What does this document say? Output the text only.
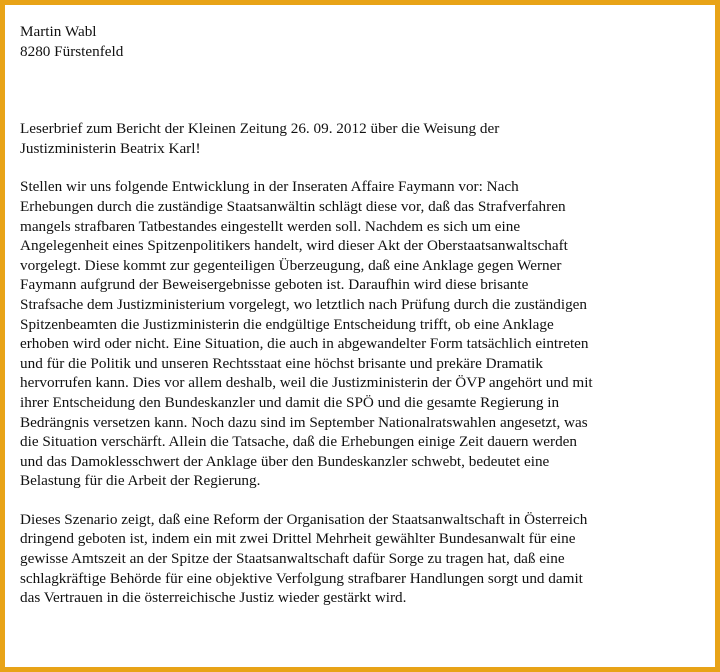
Martin Wabl
8280 Fürstenfeld
Leserbrief zum Bericht der Kleinen Zeitung 26. 09. 2012 über die Weisung der
Justizministerin Beatrix Karl!
Stellen wir uns folgende Entwicklung in der Inseraten Affaire Faymann vor: Nach
Erhebungen durch die zuständige Staatsanwältin schlägt diese vor, daß das Strafverfahren
mangels strafbaren Tatbestandes eingestellt werden soll. Nachdem es sich um eine
Angelegenheit eines Spitzenpolitikers handelt, wird dieser Akt der Oberstaatsanwaltschaft
vorgelegt. Diese kommt zur gegenteiligen Überzeugung, daß eine Anklage gegen Werner
Faymann aufgrund der Beweisergebnisse geboten ist. Daraufhin wird diese brisante
Strafsache dem Justizministerium vorgelegt, wo letztlich nach Prüfung durch die zuständigen
Spitzenbeamten die Justizministerin die endgültige Entscheidung trifft, ob eine Anklage
erhoben wird oder nicht. Eine Situation, die auch in abgewandelter Form tatsächlich eintreten
und für die Politik und unseren Rechtsstaat eine höchst brisante und prekäre Dramatik
hervorrufen kann. Dies vor allem deshalb, weil die Justizministerin der ÖVP angehört und mit
ihrer Entscheidung den Bundeskanzler und damit die SPÖ und die gesamte Regierung in
Bedrängnis versetzen kann. Noch dazu sind im September Nationalratswahlen angesetzt, was
die Situation verschärft. Allein die Tatsache, daß die Erhebungen einige Zeit dauern werden
und das Damoklesschwert der Anklage über den Bundeskanzler schwebt, bedeutet eine
Belastung für die Arbeit der Regierung.
Dieses Szenario zeigt, daß eine Reform der Organisation der Staatsanwaltschaft in Österreich
dringend geboten ist, indem ein mit zwei Drittel Mehrheit gewählter Bundesanwalt für eine
gewisse Amtszeit an der Spitze der Staatsanwaltschaft dafür Sorge zu tragen hat, daß eine
schlagkräftige Behörde für eine objektive Verfolgung strafbarer Handlungen sorgt und damit
das Vertrauen in die österreichische Justiz wieder gestärkt wird.
